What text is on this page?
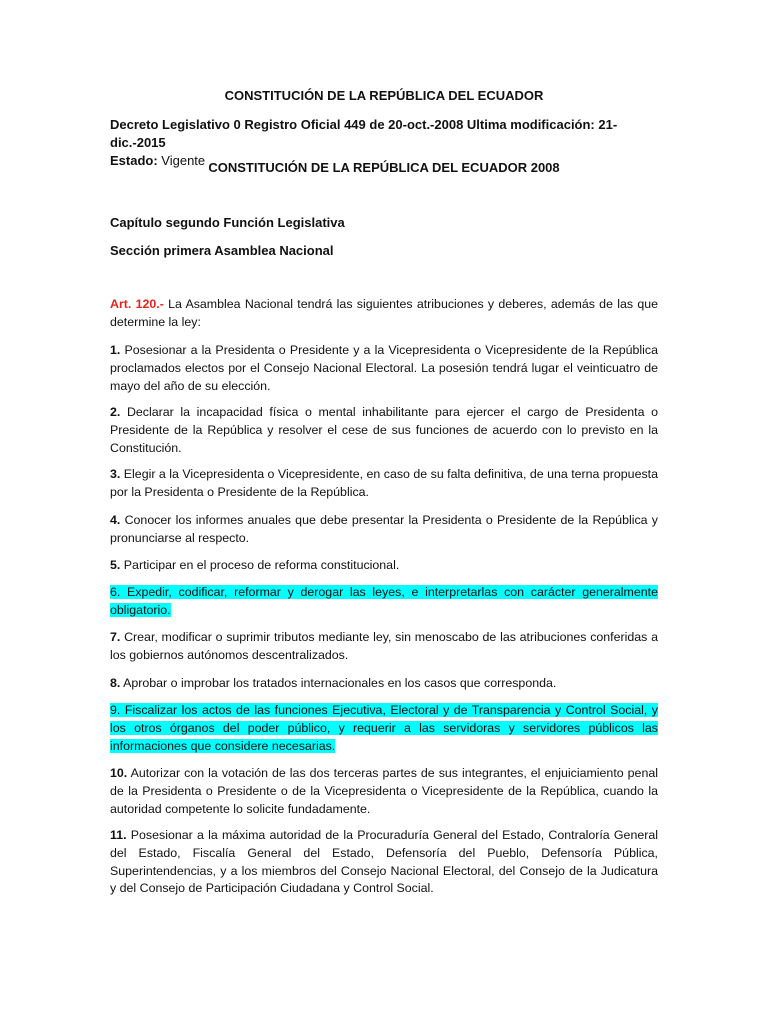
CONSTITUCIÓN DE LA REPÚBLICA DEL ECUADOR
Decreto Legislativo 0 Registro Oficial 449 de 20-oct.-2008 Ultima modificación: 21-dic.-2015
Estado: Vigente CONSTITUCIÓN DE LA REPÚBLICA DEL ECUADOR 2008
Capítulo segundo Función Legislativa
Sección primera Asamblea Nacional
Art. 120.- La Asamblea Nacional tendrá las siguientes atribuciones y deberes, además de las que determine la ley:
1. Posesionar a la Presidenta o Presidente y a la Vicepresidenta o Vicepresidente de la República proclamados electos por el Consejo Nacional Electoral. La posesión tendrá lugar el veinticuatro de mayo del año de su elección.
2. Declarar la incapacidad física o mental inhabilitante para ejercer el cargo de Presidenta o Presidente de la República y resolver el cese de sus funciones de acuerdo con lo previsto en la Constitución.
3. Elegir a la Vicepresidenta o Vicepresidente, en caso de su falta definitiva, de una terna propuesta por la Presidenta o Presidente de la República.
4. Conocer los informes anuales que debe presentar la Presidenta o Presidente de la República y pronunciarse al respecto.
5. Participar en el proceso de reforma constitucional.
6. Expedir, codificar, reformar y derogar las leyes, e interpretarlas con carácter generalmente obligatorio.
7. Crear, modificar o suprimir tributos mediante ley, sin menoscabo de las atribuciones conferidas a los gobiernos autónomos descentralizados.
8. Aprobar o improbar los tratados internacionales en los casos que corresponda.
9. Fiscalizar los actos de las funciones Ejecutiva, Electoral y de Transparencia y Control Social, y los otros órganos del poder público, y requerir a las servidoras y servidores públicos las informaciones que considere necesarias.
10. Autorizar con la votación de las dos terceras partes de sus integrantes, el enjuiciamiento penal de la Presidenta o Presidente o de la Vicepresidenta o Vicepresidente de la República, cuando la autoridad competente lo solicite fundadamente.
11. Posesionar a la máxima autoridad de la Procuraduría General del Estado, Contraloría General del Estado, Fiscalía General del Estado, Defensoría del Pueblo, Defensoría Pública, Superintendencias, y a los miembros del Consejo Nacional Electoral, del Consejo de la Judicatura y del Consejo de Participación Ciudadana y Control Social.
